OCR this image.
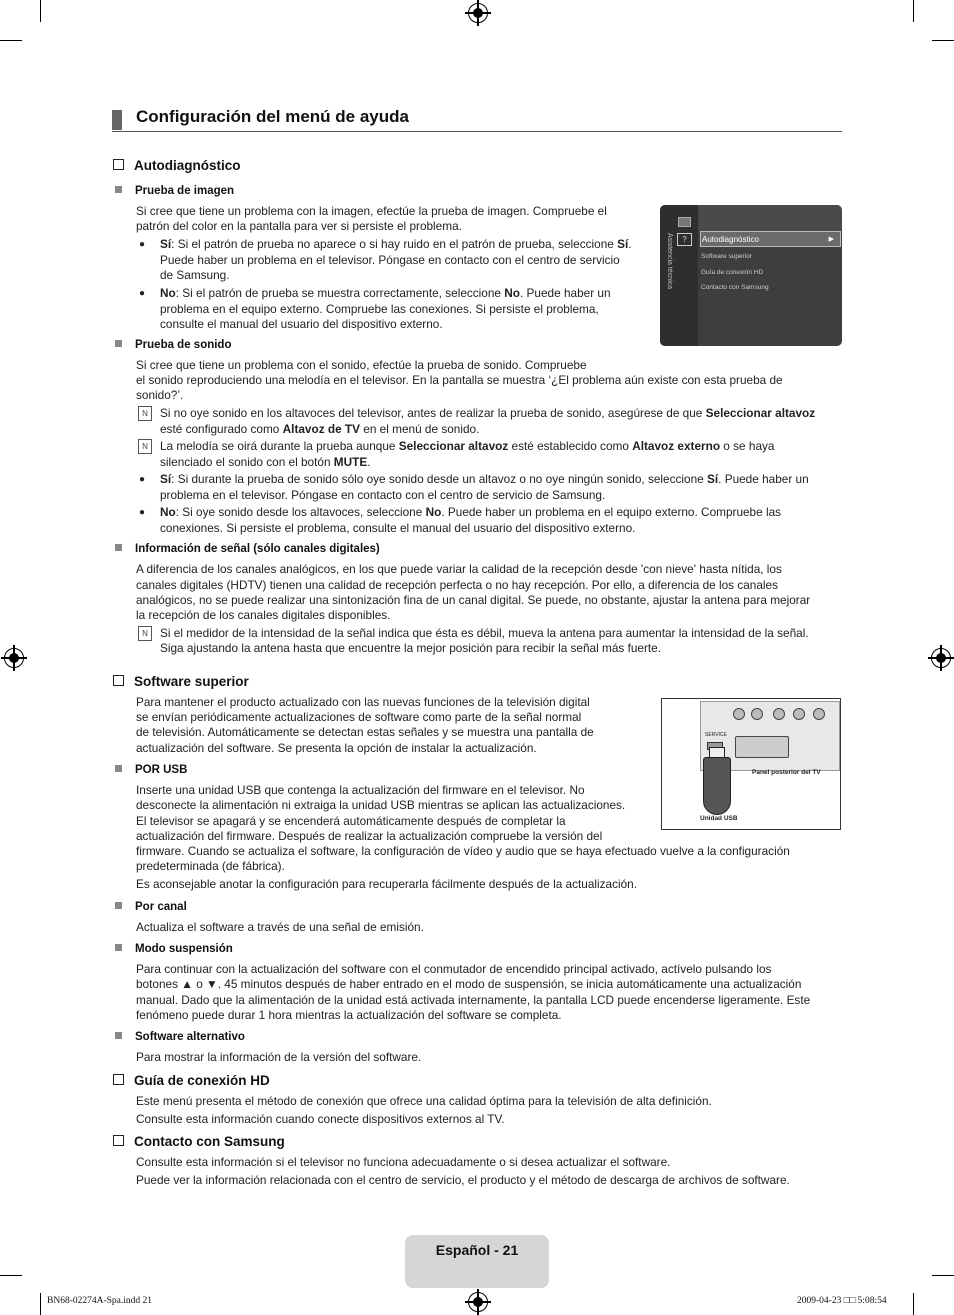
Configuración del menú de ayuda
Autodiagnóstico
Prueba de imagen
Si cree que tiene un problema con la imagen, efectúe la prueba de imagen. Compruebe el
patrón del color en la pantalla para ver si persiste el problema.
● Sí: Si el patrón de prueba no aparece o si hay ruido en el patrón de prueba, seleccione Sí.
Puede haber un problema en el televisor. Póngase en contacto con el centro de servicio
de Samsung.
● No: Si el patrón de prueba se muestra correctamente, seleccione No. Puede haber un
problema en el equipo externo. Compruebe las conexiones. Si persiste el problema,
consulte el manual del usuario del dispositivo externo.
?
Asistencia técnica	Autodiagnóstico	▶
Software superior
Guía de conexión HD
Contacto con Samsung
Prueba de sonido
Si cree que tiene un problema con el sonido, efectúe la prueba de sonido. Compruebe
el sonido reproduciendo una melodía en el televisor. En la pantalla se muestra ‘¿El problema aún existe con esta prueba de
sonido?’.
N	Si no oye sonido en los altavoces del televisor, antes de realizar la prueba de sonido, asegúrese de que Seleccionar altavoz
esté configurado como Altavoz de TV en el menú de sonido.
N	La melodía se oirá durante la prueba aunque Seleccionar altavoz esté establecido como Altavoz externo o se haya
silenciado el sonido con el botón MUTE.
● Sí: Si durante la prueba de sonido sólo oye sonido desde un altavoz o no oye ningún sonido, seleccione Sí. Puede haber un
problema en el televisor. Póngase en contacto con el centro de servicio de Samsung.
● No: Si oye sonido desde los altavoces, seleccione No. Puede haber un problema en el equipo externo. Compruebe las
conexiones. Si persiste el problema, consulte el manual del usuario del dispositivo externo.
Información de señal (sólo canales digitales)
A diferencia de los canales analógicos, en los que puede variar la calidad de la recepción desde 'con nieve' hasta nítida, los
canales digitales (HDTV) tienen una calidad de recepción perfecta o no hay recepción. Por ello, a diferencia de los canales
analógicos, no se puede realizar una sintonización fina de un canal digital. Se puede, no obstante, ajustar la antena para mejorar
la recepción de los canales digitales disponibles.
N	Si el medidor de la intensidad de la señal indica que ésta es débil, mueva la antena para aumentar la intensidad de la señal.
Siga ajustando la antena hasta que encuentre la mejor posición para recibir la señal más fuerte.
Software superior
Para mantener el producto actualizado con las nuevas funciones de la televisión digital
se envían periódicamente actualizaciones de software como parte de la señal normal
de televisión. Automáticamente se detectan estas señales y se muestra una pantalla de
actualización del software. Se presenta la opción de instalar la actualización.
SERVICE
Panel posterior del TV
Unidad USB
POR USB
Inserte una unidad USB que contenga la actualización del firmware en el televisor. No
desconecte la alimentación ni extraiga la unidad USB mientras se aplican las actualizaciones.
El televisor se apagará y se encenderá automáticamente después de completar la
actualización del firmware. Después de realizar la actualización compruebe la versión del
firmware. Cuando se actualiza el software, la configuración de vídeo y audio que se haya efectuado vuelve a la configuración
predeterminada (de fábrica).
Es aconsejable anotar la configuración para recuperarla fácilmente después de la actualización.
Por canal
Actualiza el software a través de una señal de emisión.
Modo suspensión
Para continuar con la actualización del software con el conmutador de encendido principal activado, actívelo pulsando los
botones ▲ o ▼. 45 minutos después de haber entrado en el modo de suspensión, se inicia automáticamente una actualización
manual. Dado que la alimentación de la unidad está activada internamente, la pantalla LCD puede encenderse ligeramente. Este
fenómeno puede durar 1 hora mientras la actualización del software se completa.
Software alternativo
Para mostrar la información de la versión del software.
Guía de conexión HD
Este menú presenta el método de conexión que ofrece una calidad óptima para la televisión de alta definición.
Consulte esta información cuando conecte dispositivos externos al TV.
Contacto con Samsung
Consulte esta información si el televisor no funciona adecuadamente o si desea actualizar el software.
Puede ver la información relacionada con el centro de servicio, el producto y el método de descarga de archivos de software.
Español - 21
BN68-02274A-Spa.indd 21	2009-04-23 □□ 5:08:54
